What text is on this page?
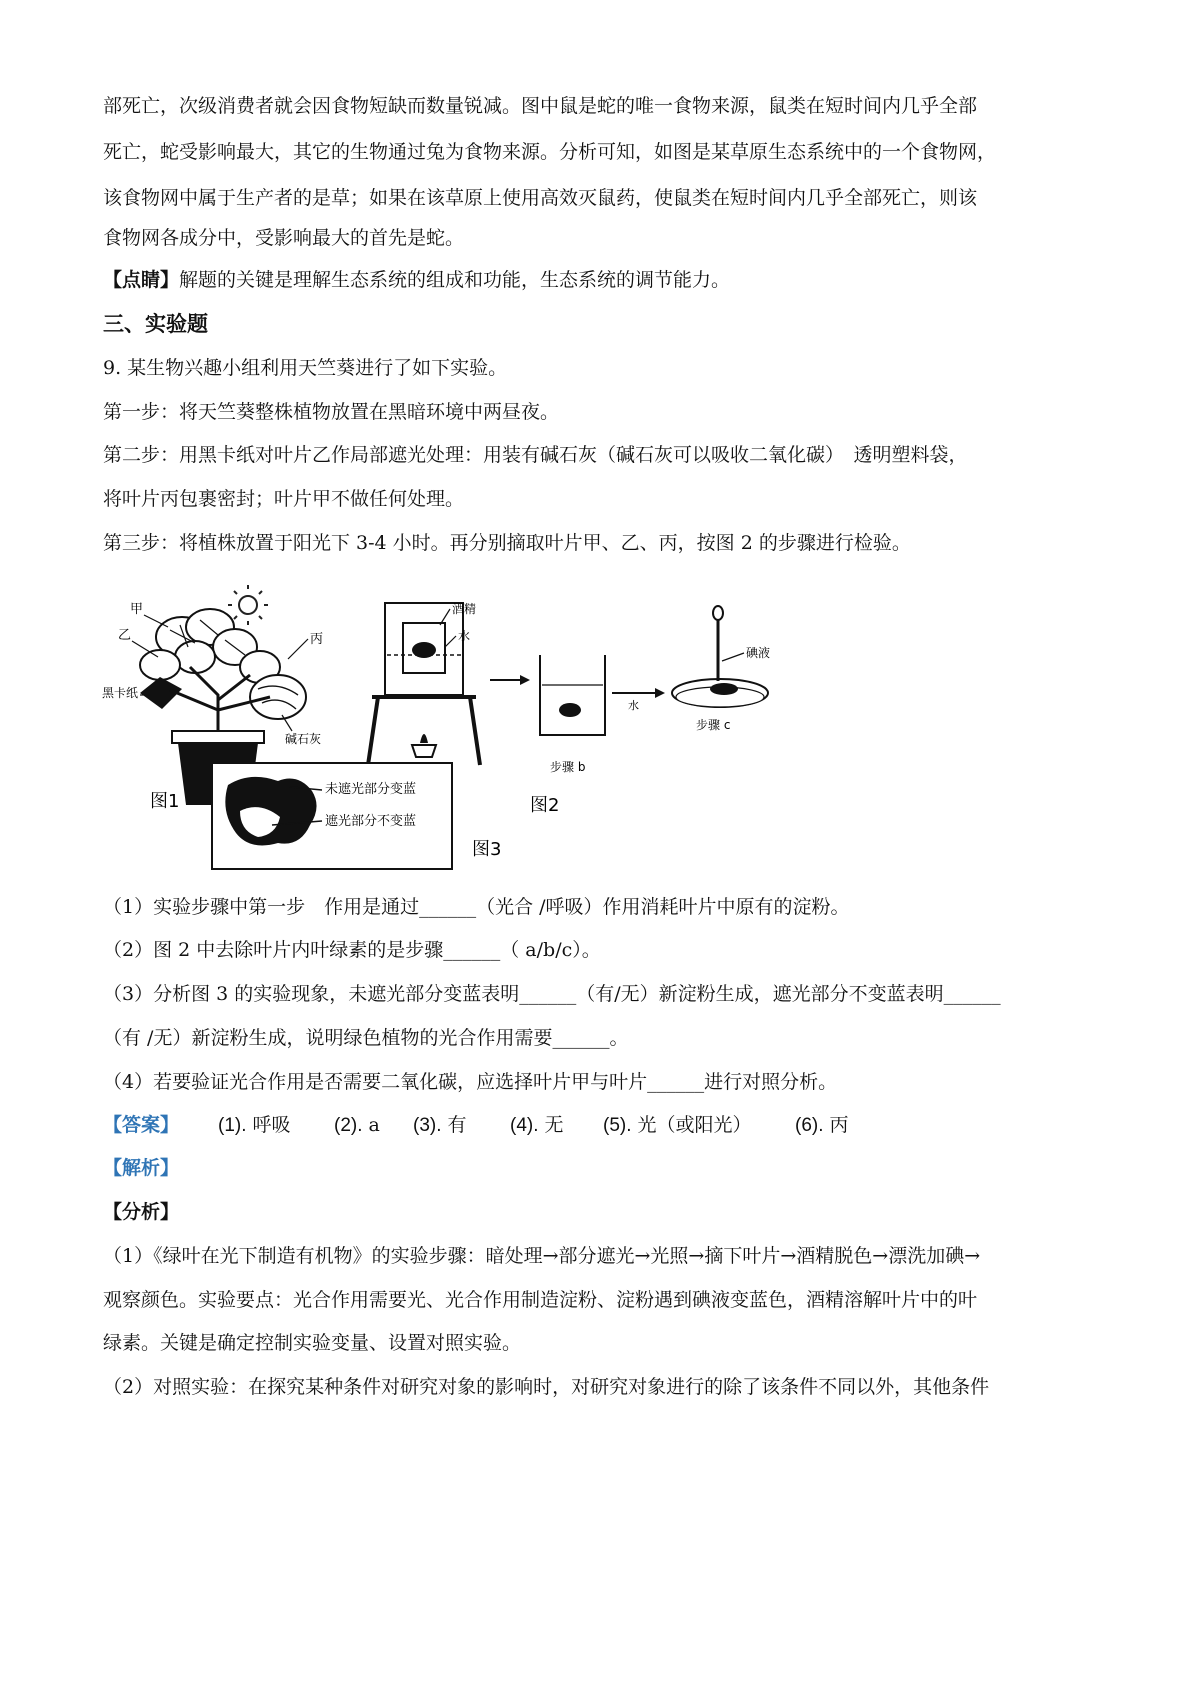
部死亡，次级消费者就会因食物短缺而数量锐减。图中鼠是蛇的唯一食物来源，鼠类在短时间内几乎全部
死亡，蛇受影响最大，其它的生物通过兔为食物来源。分析可知，如图是某草原生态系统中的一个食物网，
该食物网中属于生产者的是草；如果在该草原上使用高效灭鼠药，使鼠类在短时间内几乎全部死亡，则该
食物网各成分中，受影响最大的首先是蛇。
【点睛】解题的关键是理解生态系统的组成和功能，生态系统的调节能力。
三、实验题
9. 某生物兴趣小组利用天竺葵进行了如下实验。
第一步：将天竺葵整株植物放置在黑暗环境中两昼夜。
第二步：用黑卡纸对叶片乙作局部遮光处理：用装有碱石灰（碱石灰可以吸收二氧化碳）　透明塑料袋，
将叶片丙包裹密封；叶片甲不做任何处理。
第三步：将植株放置于阳光下 3-4 小时。再分别摘取叶片甲、乙、丙，按图 2 的步骤进行检验。
甲
乙	丙
黑卡纸
碱石灰
图1
酒精
水
步骤 b
图2
水
碘液
步骤 c
未遮光部分变蓝
遮光部分不变蓝
图3
（1）实验步骤中第一步　作用是通过______（光合 /呼吸）作用消耗叶片中原有的淀粉。
（2）图 2 中去除叶片内叶绿素的是步骤______（ a/b/c）。
（3）分析图 3 的实验现象，未遮光部分变蓝表明______（有/无）新淀粉生成，遮光部分不变蓝表明______
（有 /无）新淀粉生成，说明绿色植物的光合作用需要______。
（4）若要验证光合作用是否需要二氧化碳，应选择叶片甲与叶片______进行对照分析。
【答案】 (1). 呼吸 (2). a (3). 有 (4). 无 (5). 光（或阳光） (6). 丙
【解析】
【分析】
（1）《绿叶在光下制造有机物》的实验步骤：暗处理→部分遮光→光照→摘下叶片→酒精脱色→漂洗加碘→
观察颜色。实验要点：光合作用需要光、光合作用制造淀粉、淀粉遇到碘液变蓝色，酒精溶解叶片中的叶
绿素。关键是确定控制实验变量、设置对照实验。
（2）对照实验：在探究某种条件对研究对象的影响时，对研究对象进行的除了该条件不同以外，其他条件
